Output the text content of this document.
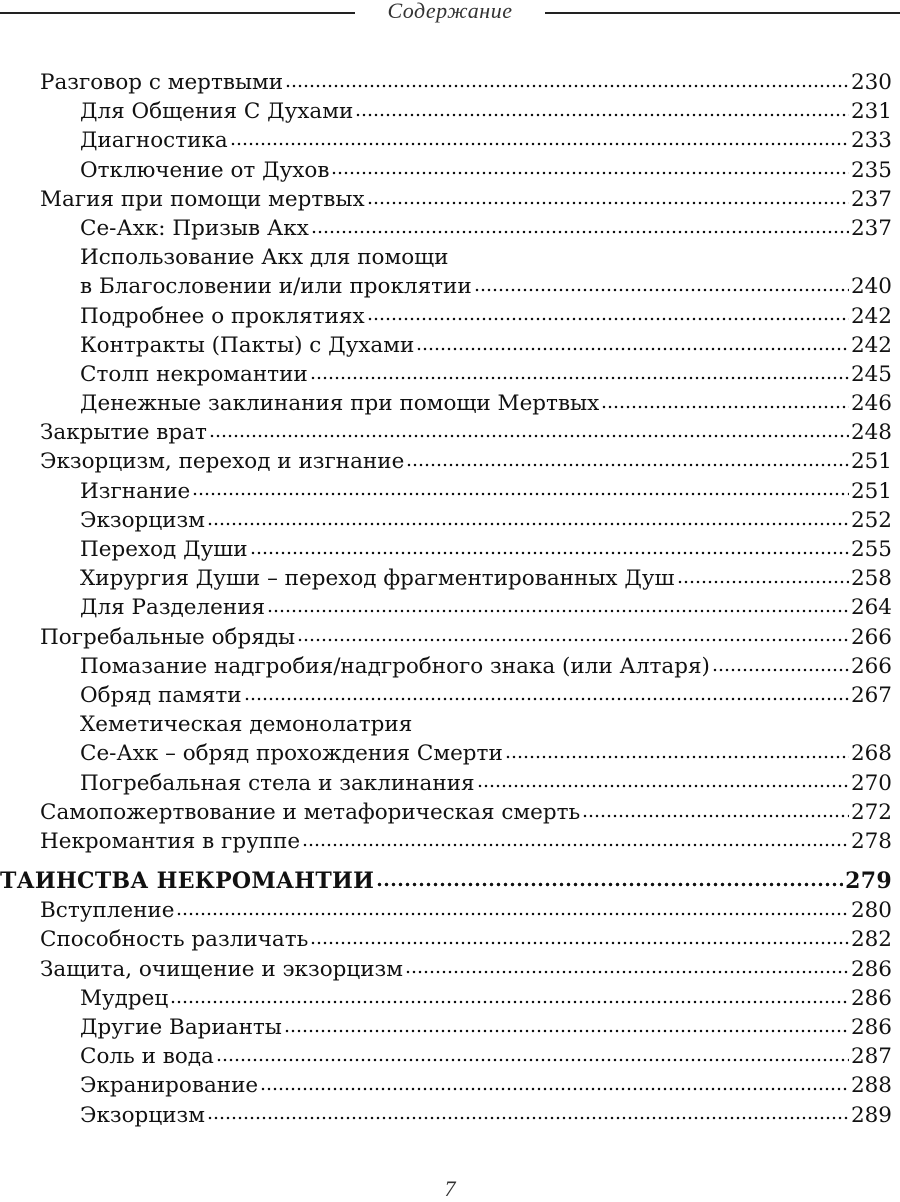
Содержание
Разговор с мертвыми	230
Для Общения С Духами	231
Диагностика	233
Отключение от Духов	235
Магия при помощи мертвых	237
Се-Ахк: Призыв Акх	237
Использование Акх для помощи
в Благословении и/или проклятии	240
Подробнее о проклятиях	242
Контракты (Пакты) с Духами	242
Столп некромантии	245
Денежные заклинания при помощи Мертвых	246
Закрытие врат	248
Экзорцизм, переход и изгнание	251
Изгнание	251
Экзорцизм	252
Переход Души	255
Хирургия Души – переход фрагментированных Душ	258
Для Разделения	264
Погребальные обряды	266
Помазание надгробия/надгробного знака (или Алтаря)	266
Обряд памяти	267
Хеметическая демонолатрия
Се-Ахк – обряд прохождения Смерти	268
Погребальная стела и заклинания	270
Самопожертвование и метафорическая смерть	272
Некромантия в группе	278
ТАИНСТВА НЕКРОМАНТИИ	279
Вступление	280
Способность различать	282
Защита, очищение и экзорцизм	286
Мудрец	286
Другие Варианты	286
Соль и вода	287
Экранирование	288
Экзорцизм	289
7
